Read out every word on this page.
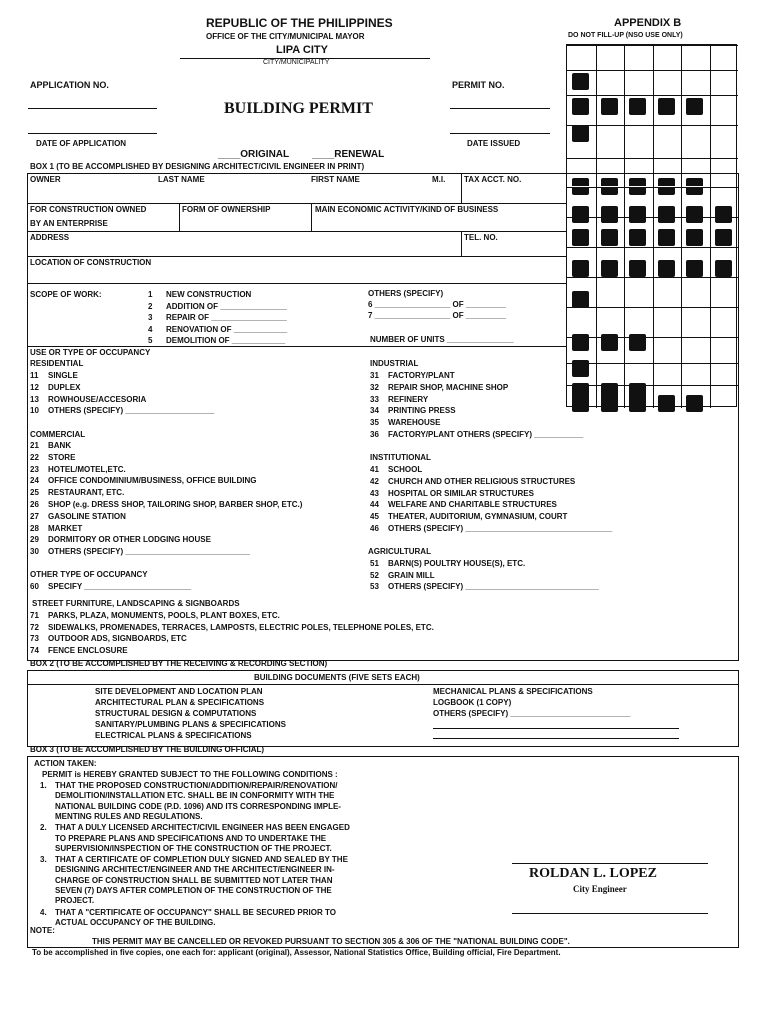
REPUBLIC OF THE PHILIPPINES
OFFICE OF THE CITY/MUNICIPAL MAYOR
LIPA CITY
CITY/MUNICIPALITY
APPENDIX B
DO NOT FILL-UP (NSO USE ONLY)
APPLICATION NO.	PERMIT NO.
BUILDING PERMIT
DATE OF APPLICATION	DATE ISSUED
____ORIGINAL ____RENEWAL
BOX 1 (TO BE ACCOMPLISHED BY DESIGNING ARCHITECT/CIVIL ENGINEER IN PRINT)
OWNER	LAST NAME	FIRST NAME	M.I. TAX ACCT. NO.
FOR CONSTRUCTION OWNED
BY AN ENTERPRISE
FORM OF OWNERSHIP	MAIN ECONOMIC ACTIVITY/KIND OF BUSINESS
ADDRESS	TEL. NO.
LOCATION OF CONSTRUCTION
SCOPE OF WORK:	1 NEW CONSTRUCTION
2 ADDITION OF _______________
3 REPAIR OF _________________
4 RENOVATION OF ____________
5 DEMOLITION OF ____________
OTHERS (SPECIFY)
6 _________________ OF _________
7 _________________ OF _________
NUMBER OF UNITS _______________
USE OR TYPE OF OCCUPANCY
RESIDENTIAL	INDUSTRIAL
COMMERCIAL
INSTITUTIONAL
AGRICULTURAL
OTHER TYPE OF OCCUPANCY
STREET FURNITURE, LANDSCAPING & SIGNBOARDS
11 SINGLE
12 DUPLEX
13 ROWHOUSE/ACCESORIA
10 OTHERS (SPECIFY) ____________________
31 FACTORY/PLANT
32 REPAIR SHOP, MACHINE SHOP
33 REFINERY
34 PRINTING PRESS
35 WAREHOUSE
36 FACTORY/PLANT OTHERS (SPECIFY) ___________
21 BANK
22 STORE
23 HOTEL/MOTEL,ETC.
24 OFFICE CONDOMINIUM/BUSINESS, OFFICE BUILDING
25 RESTAURANT, ETC.
26 SHOP (e.g. DRESS SHOP, TAILORING SHOP, BARBER SHOP, ETC.)
27 GASOLINE STATION
28 MARKET
29 DORMITORY OR OTHER LODGING HOUSE
30 OTHERS (SPECIFY) ____________________________
41 SCHOOL
42 CHURCH AND OTHER RELIGIOUS STRUCTURES
43 HOSPITAL OR SIMILAR STRUCTURES
44 WELFARE AND CHARITABLE STRUCTURES
45 THEATER, AUDITORIUM, GYMNASIUM, COURT
46 OTHERS (SPECIFY) _________________________________
51 BARN(S) POULTRY HOUSE(S), ETC.
52 GRAIN MILL
53 OTHERS (SPECIFY) ______________________________
60 SPECIFY ________________________
71 PARKS, PLAZA, MONUMENTS, POOLS, PLANT BOXES, ETC.
72 SIDEWALKS, PROMENADES, TERRACES, LAMPOSTS, ELECTRIC POLES, TELEPHONE POLES, ETC.
73 OUTDOOR ADS, SIGNBOARDS, ETC
74 FENCE ENCLOSURE
BOX 2 (TO BE ACCOMPLISHED BY THE RECEIVING & RECORDING SECTION)
BUILDING DOCUMENTS (FIVE SETS EACH)
SITE DEVELOPMENT AND LOCATION PLAN
ARCHITECTURAL PLAN & SPECIFICATIONS
STRUCTURAL DESIGN & COMPUTATIONS
SANITARY/PLUMBING PLANS & SPECIFICATIONS
ELECTRICAL PLANS & SPECIFICATIONS
MECHANICAL PLANS & SPECIFICATIONS
LOGBOOK (1 COPY)
OTHERS (SPECIFY) ___________________________
BOX 3 (TO BE ACCOMPLISHED BY THE BUILDING OFFICIAL)
ACTION TAKEN:
PERMIT is HEREBY GRANTED SUBJECT TO THE FOLLOWING CONDITIONS :
1. THAT THE PROPOSED CONSTRUCTION/ADDITION/REPAIR/RENOVATION/
DEMOLITION/INSTALLATION ETC. SHALL BE IN CONFORMITY WITH THE
NATIONAL BUILDING CODE (P.D. 1096) AND ITS CORRESPONDING IMPLE-
MENTING RULES AND REGULATIONS.
2. THAT A DULY LICENSED ARCHITECT/CIVIL ENGINEER HAS BEEN ENGAGED
TO PREPARE PLANS AND SPECIFICATIONS AND TO UNDERTAKE THE
SUPERVISION/INSPECTION OF THE CONSTRUCTION OF THE PROJECT.
3. THAT A CERTIFICATE OF COMPLETION DULY SIGNED AND SEALED BY THE
DESIGNING ARCHITECT/ENGINEER AND THE ARCHITECT/ENGINEER IN-
CHARGE OF CONSTRUCTION SHALL BE SUBMITTED NOT LATER THAN
SEVEN (7) DAYS AFTER COMPLETION OF THE CONSTRUCTION OF THE
PROJECT.
4. THAT A "CERTIFICATE OF OCCUPANCY" SHALL BE SECURED PRIOR TO
ACTUAL OCCUPANCY OF THE BUILDING.
NOTE:
ROLDAN L. LOPEZ
City Engineer
THIS PERMIT MAY BE CANCELLED OR REVOKED PURSUANT TO SECTION 305 & 306 OF THE "NATIONAL BUILDING CODE".
To be accomplished in five copies, one each for: applicant (original), Assessor, National Statistics Office, Building official, Fire Department.
